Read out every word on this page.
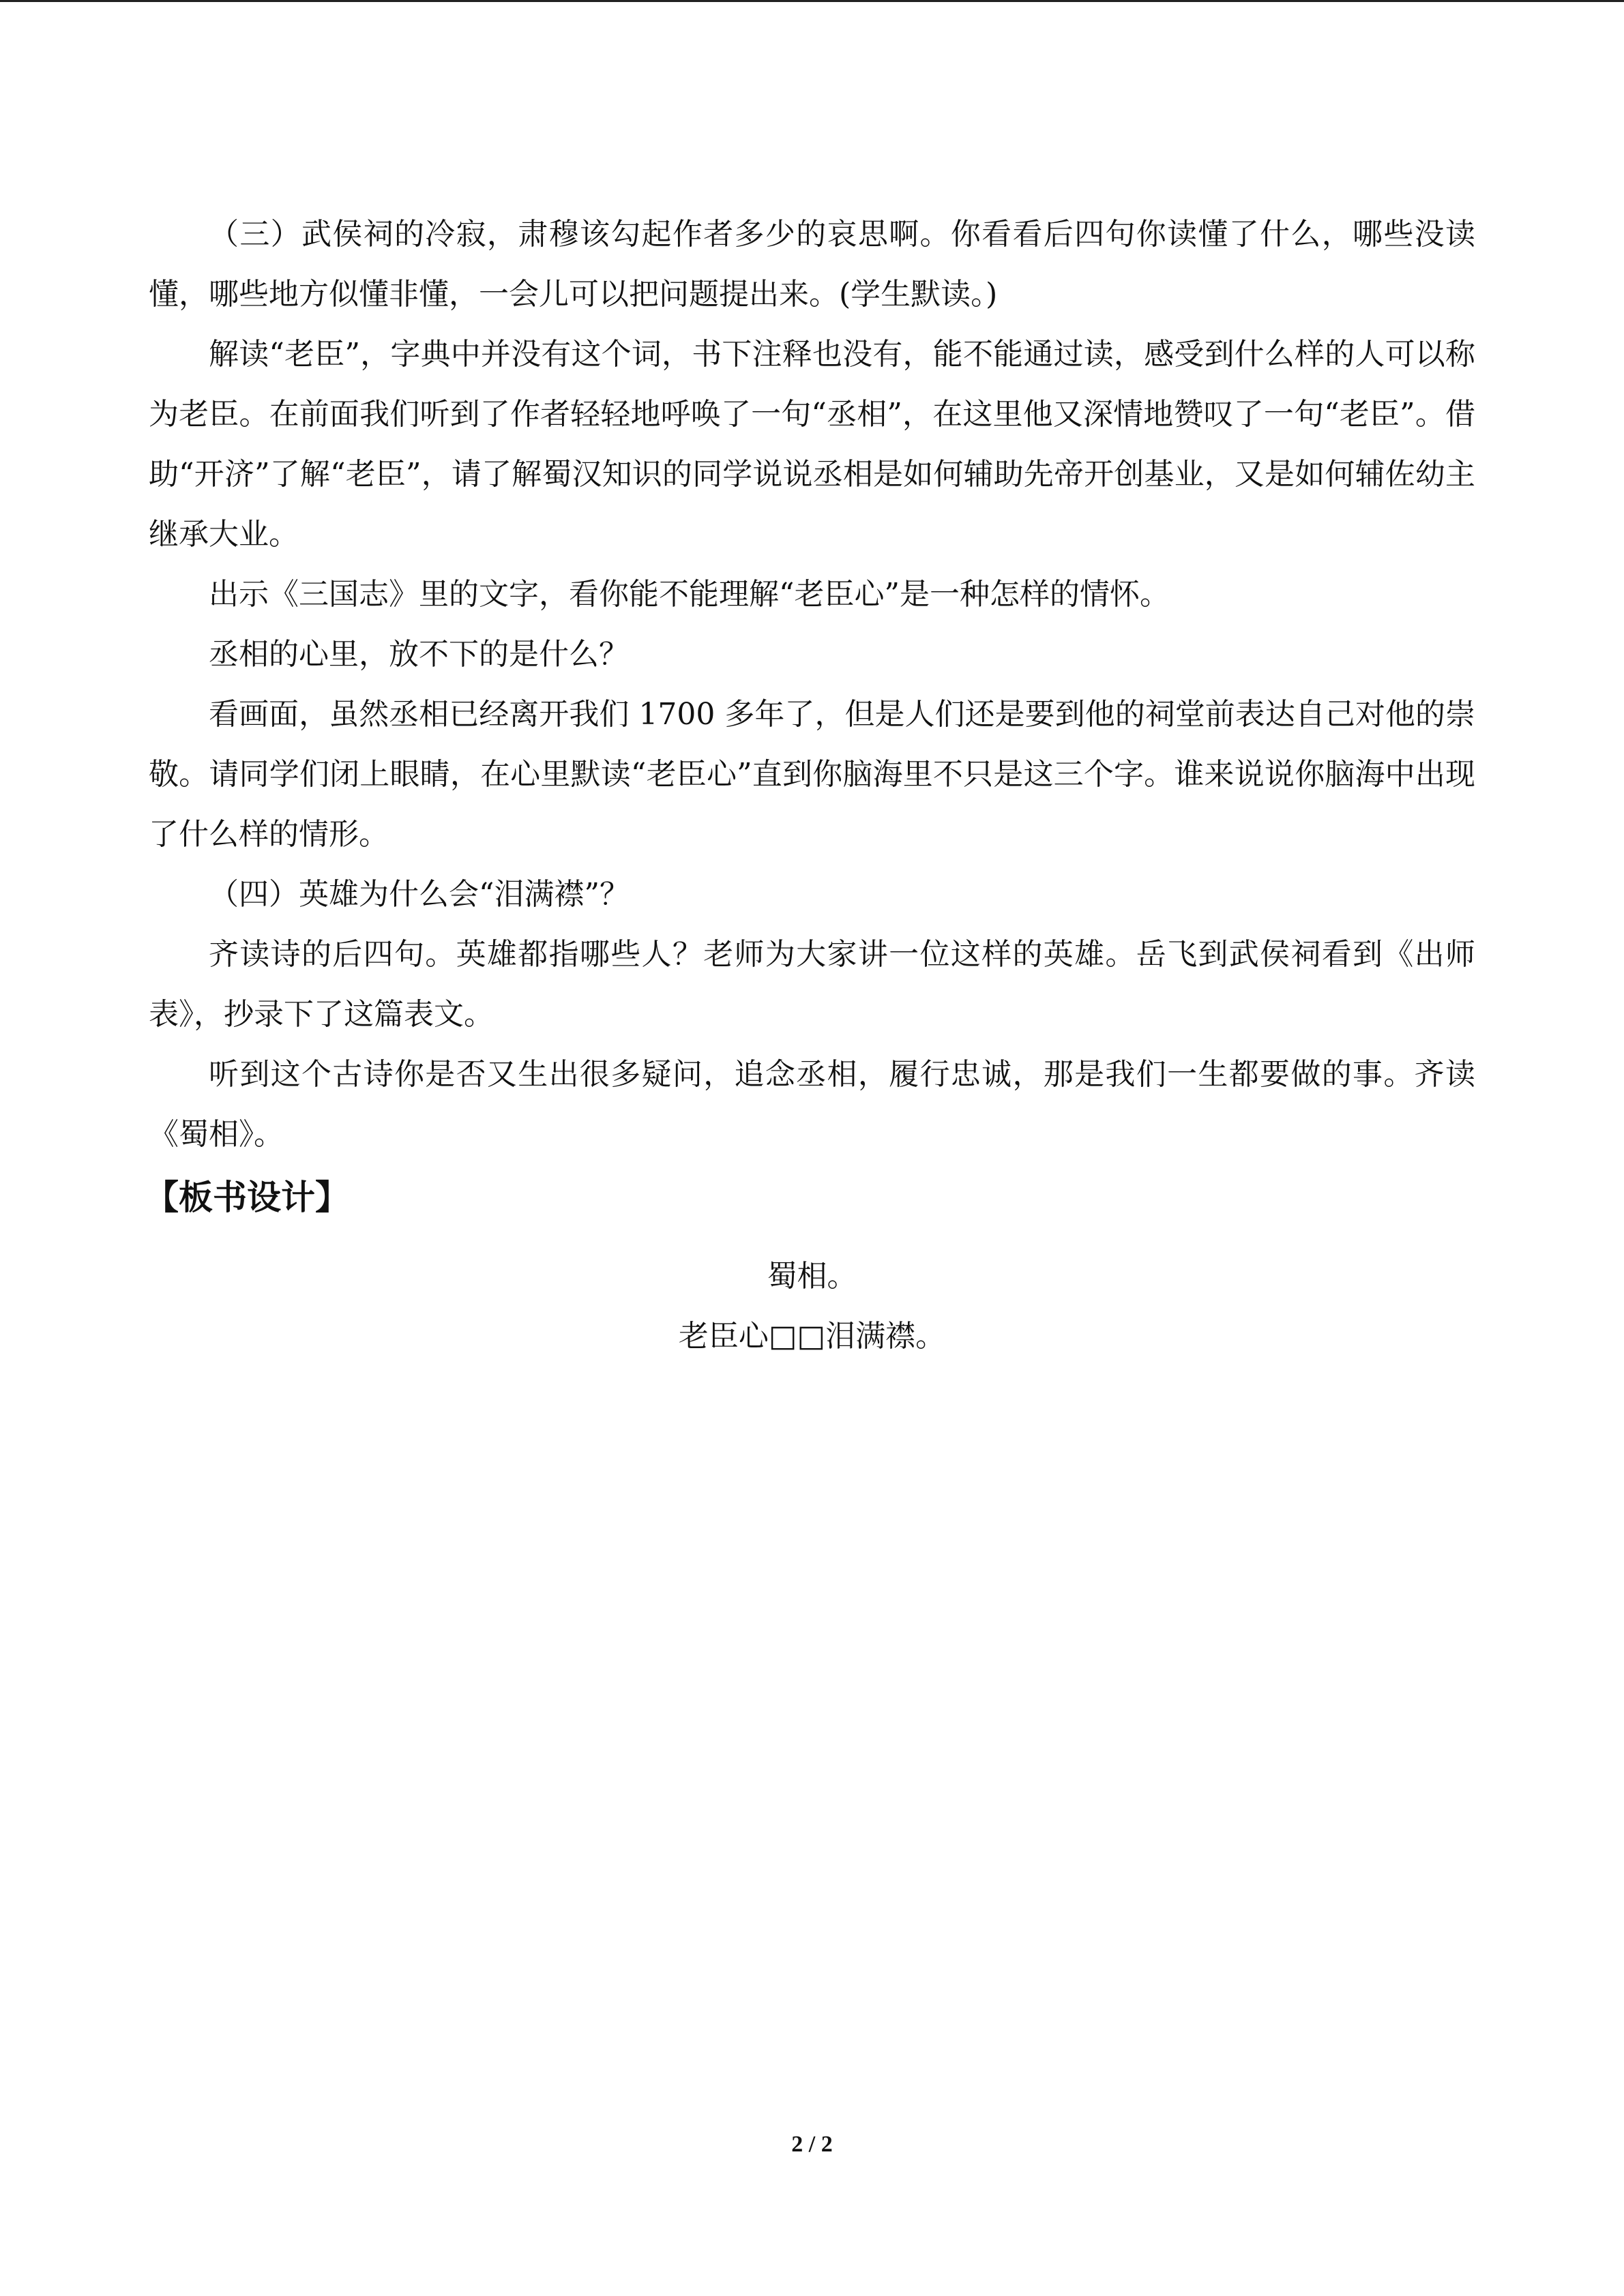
（三）武侯祠的冷寂，肃穆该勾起作者多少的哀思啊。你看看后四句你读懂了什么，哪些没读懂，哪些地方似懂非懂，一会儿可以把问题提出来。(学生默读。)

解读“老臣”，字典中并没有这个词，书下注释也没有，能不能通过读，感受到什么样的人可以称为老臣。在前面我们听到了作者轻轻地呼唤了一句“丞相”，在这里他又深情地赞叹了一句“老臣”。借助“开济”了解“老臣”，请了解蜀汉知识的同学说说丞相是如何辅助先帝开创基业，又是如何辅佐幼主继承大业。

出示《三国志》里的文字，看你能不能理解“老臣心”是一种怎样的情怀。

丞相的心里，放不下的是什么？

看画面，虽然丞相已经离开我们 1700 多年了，但是人们还是要到他的祠堂前表达自己对他的崇敬。请同学们闭上眼睛，在心里默读“老臣心”直到你脑海里不只是这三个字。谁来说说你脑海中出现了什么样的情形。

（四）英雄为什么会“泪满襟”？

齐读诗的后四句。英雄都指哪些人？老师为大家讲一位这样的英雄。岳飞到武侯祠看到《出师表》，抄录下了这篇表文。

听到这个古诗你是否又生出很多疑问，追念丞相，履行忠诚，那是我们一生都要做的事。齐读《蜀相》。

【板书设计】

蜀相。
老臣心□□泪满襟。
2 / 2
